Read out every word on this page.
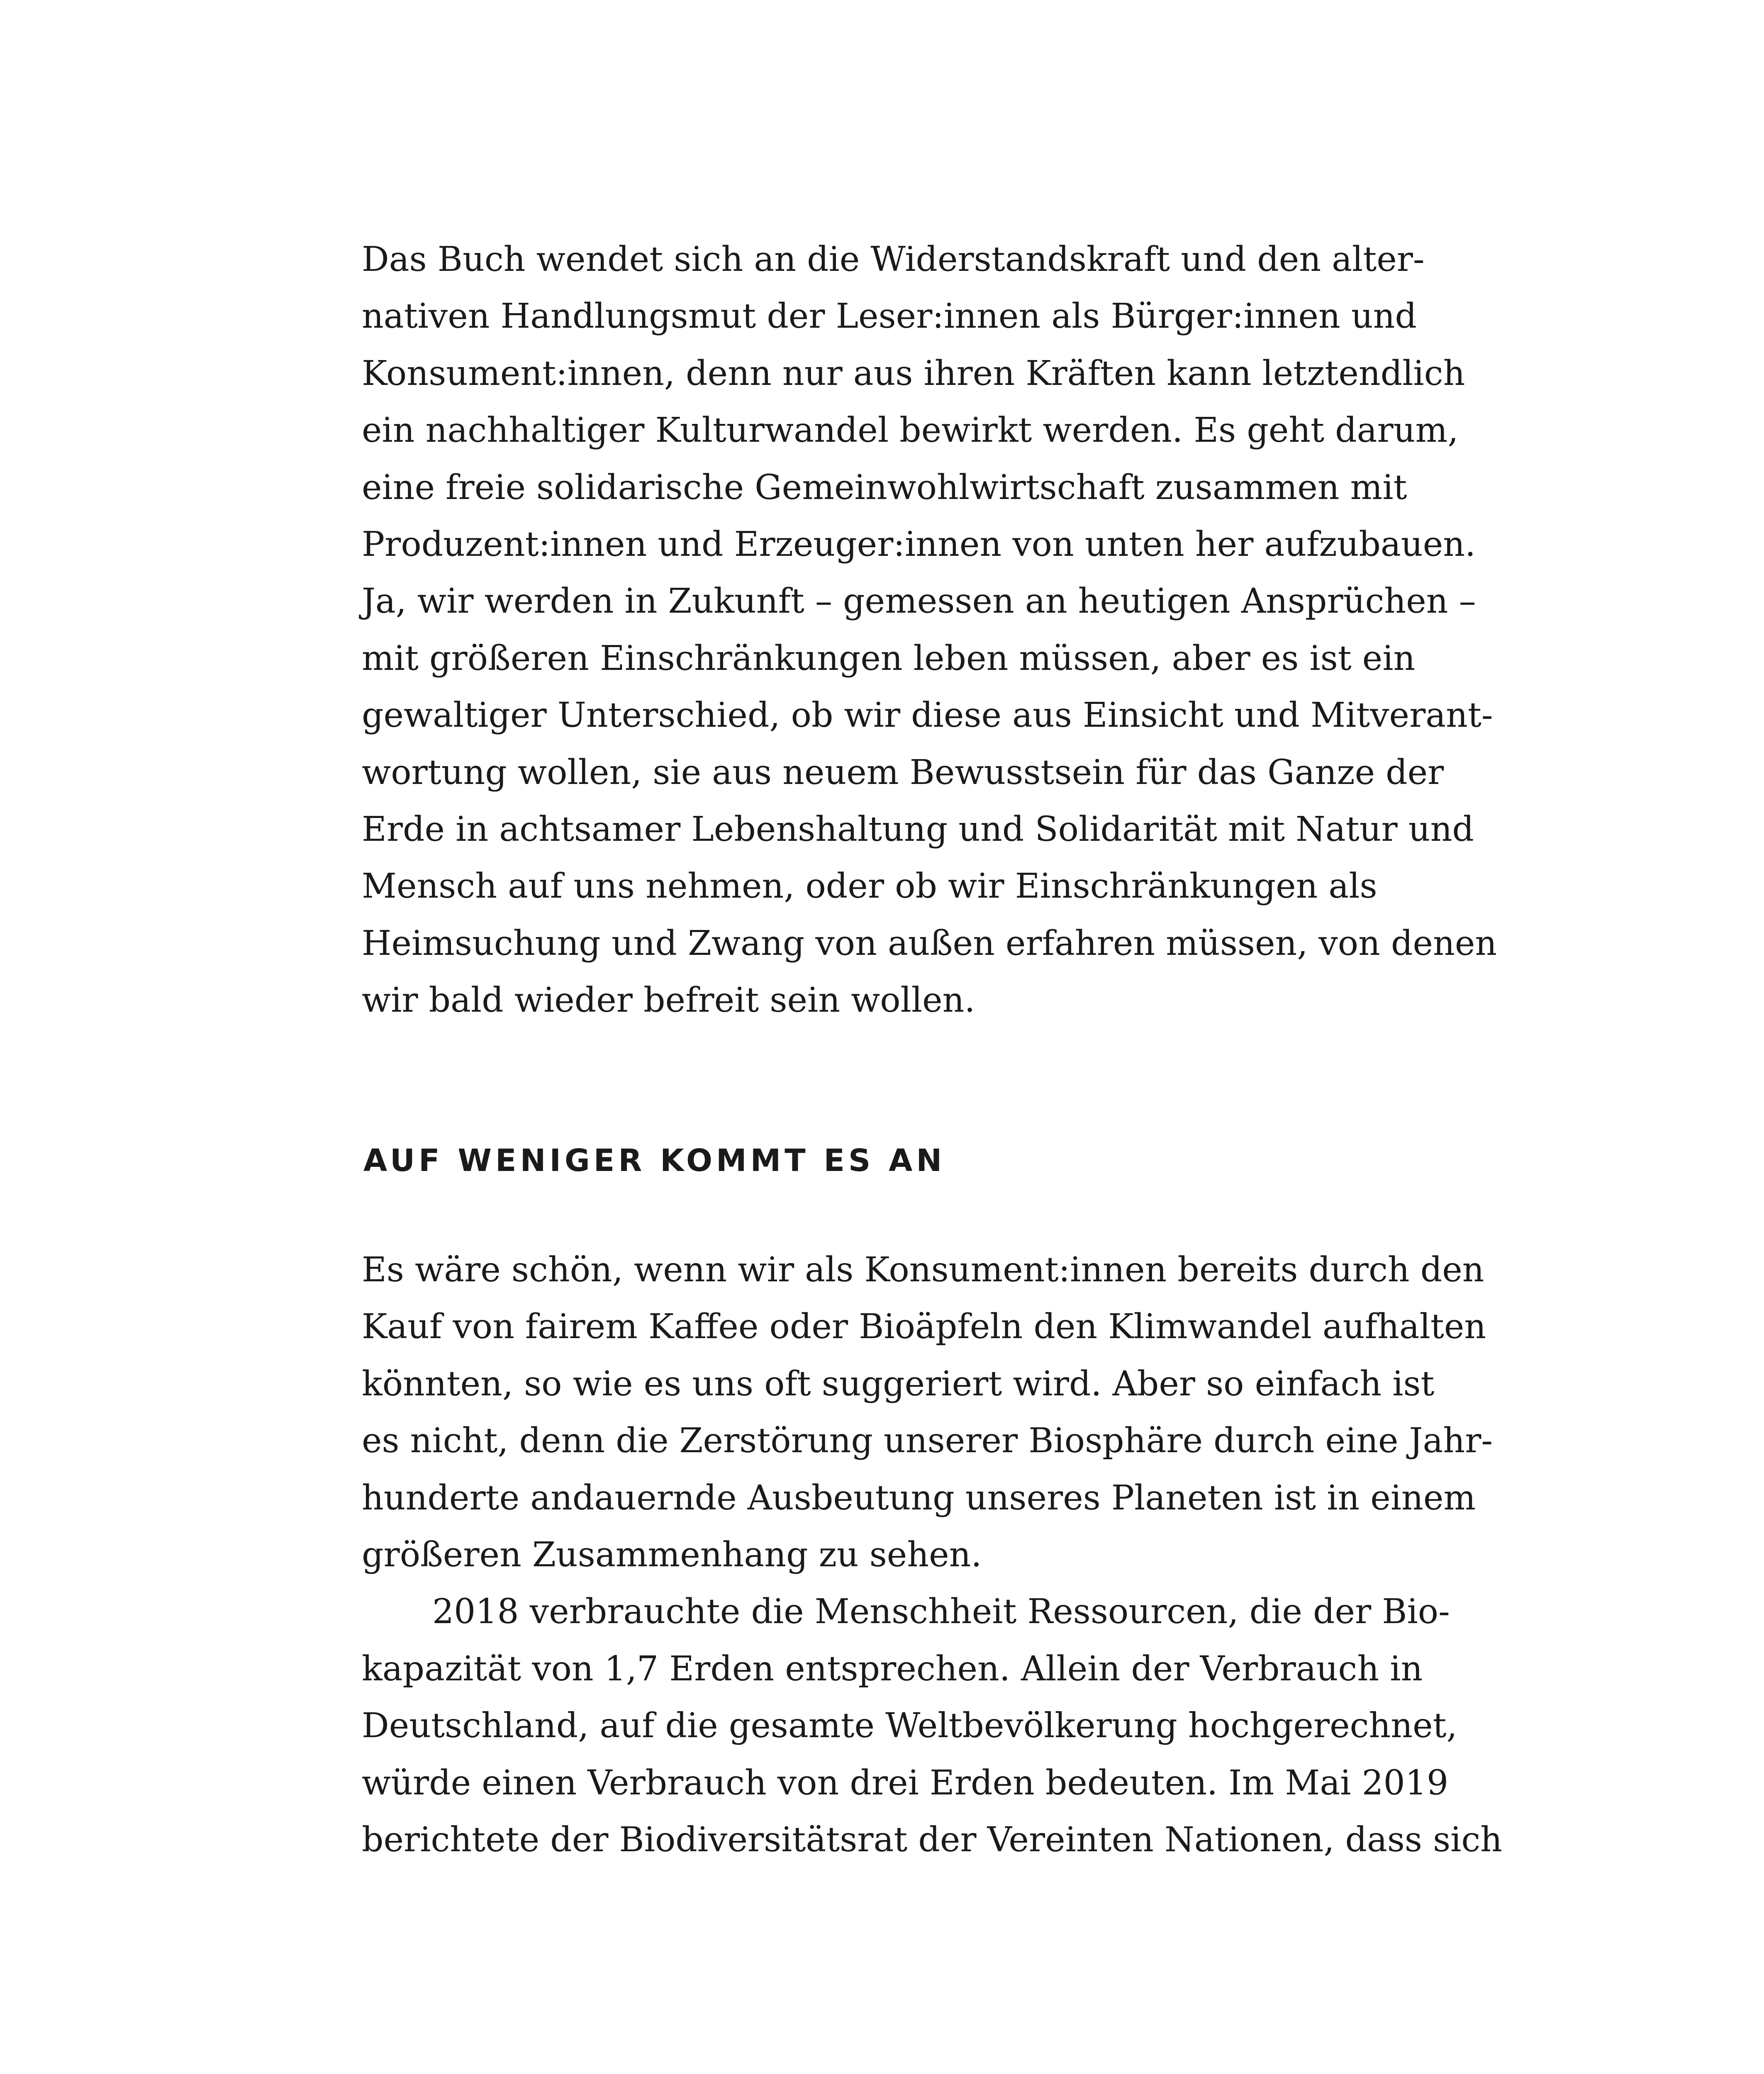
Das Buch wendet sich an die Widerstandskraft und den alter-
nativen Handlungsmut der Leser:innen als Bürger:innen und
Konsument:innen, denn nur aus ihren Kräften kann letztendlich
ein nachhaltiger Kulturwandel bewirkt werden. Es geht darum,
eine freie solidarische Gemeinwohlwirtschaft zusammen mit
Produzent:innen und Erzeuger:innen von unten her aufzubauen.
Ja, wir werden in Zukunft – gemessen an heutigen Ansprüchen –
mit größeren Einschränkungen leben müssen, aber es ist ein
gewaltiger Unterschied, ob wir diese aus Einsicht und Mitverant-
wortung wollen, sie aus neuem Bewusstsein für das Ganze der
Erde in achtsamer Lebenshaltung und Solidarität mit Natur und
Mensch auf uns nehmen, oder ob wir Einschränkungen als
Heimsuchung und Zwang von außen erfahren müssen, von denen
wir bald wieder befreit sein wollen.
AUF WENIGER KOMMT ES AN
Es wäre schön, wenn wir als Konsument:innen bereits durch den
Kauf von fairem Kaffee oder Bioäpfeln den Klimwandel aufhalten
könnten, so wie es uns oft suggeriert wird. Aber so einfach ist
es nicht, denn die Zerstörung unserer Biosphäre durch eine Jahr-
hunderte andauernde Ausbeutung unseres Planeten ist in einem
größeren Zusammenhang zu sehen.
2018 verbrauchte die Menschheit Ressourcen, die der Bio-
kapazität von 1,7 Erden entsprechen. Allein der Verbrauch in
Deutschland, auf die gesamte Weltbevölkerung hochgerechnet,
würde einen Verbrauch von drei Erden bedeuten. Im Mai 2019
berichtete der Biodiversitätsrat der Vereinten Nationen, dass sich
